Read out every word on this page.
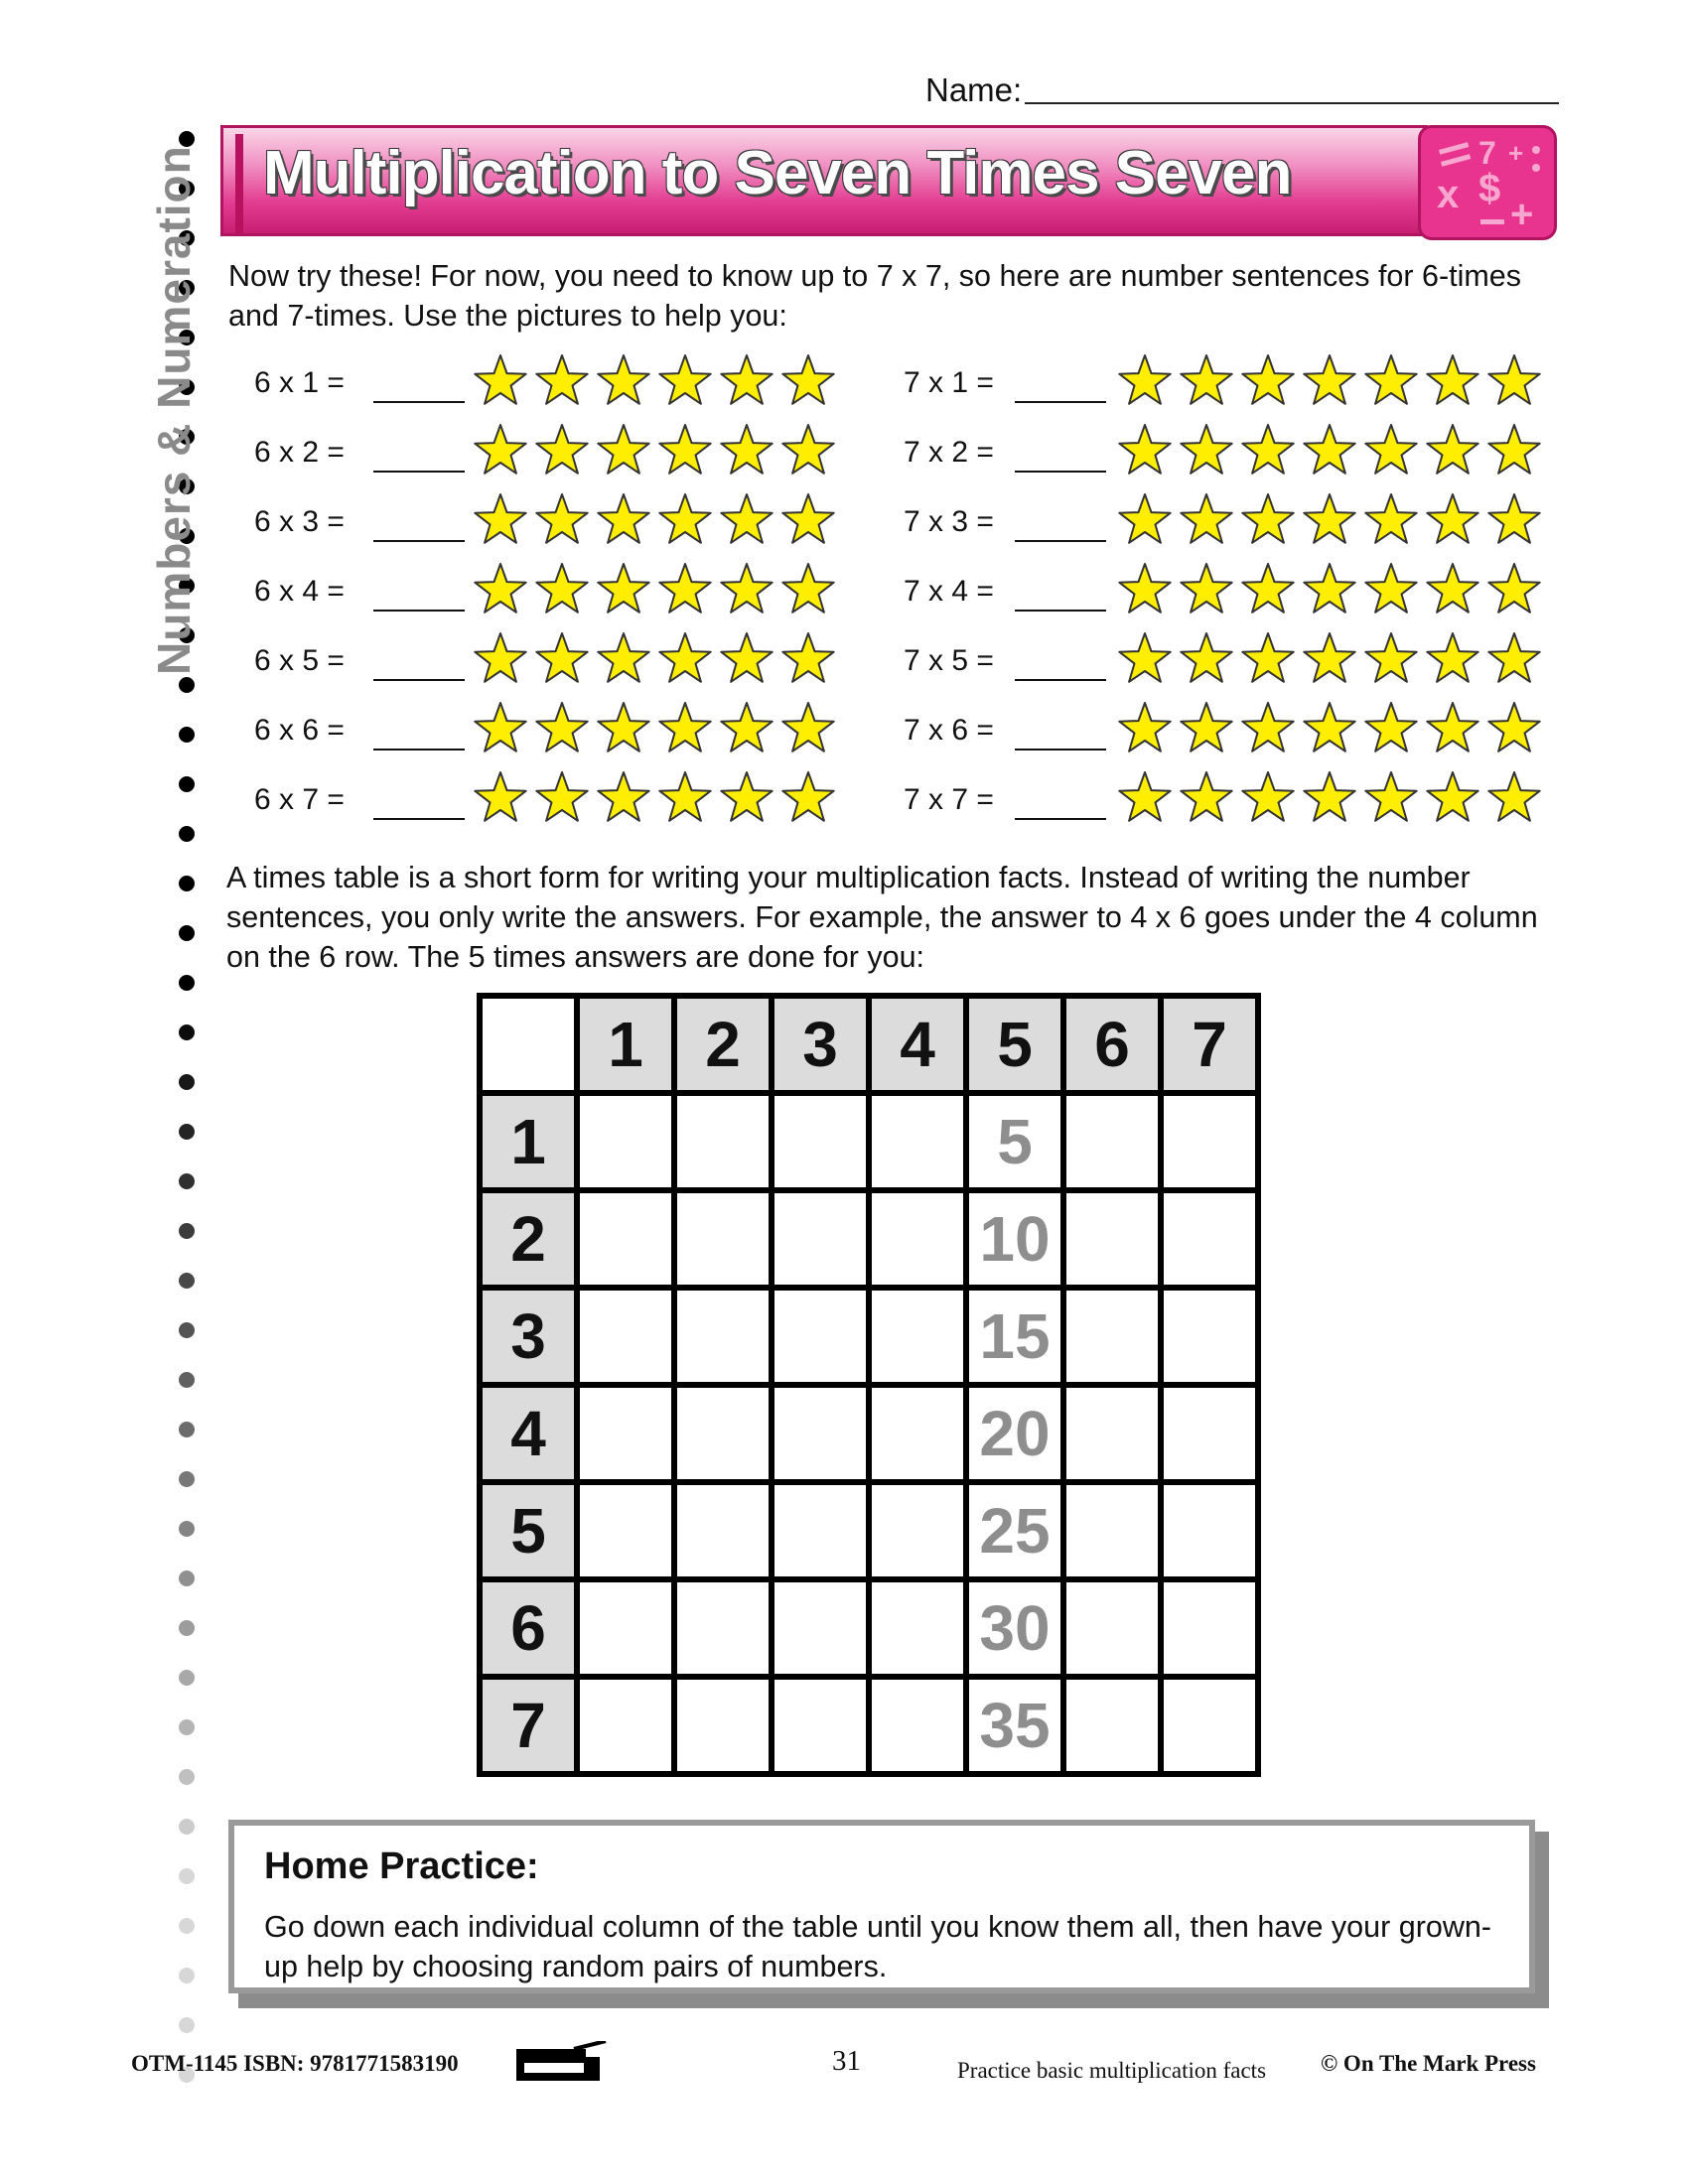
Name:
Numbers & Numeration Multiplication to Seven Times Seven	7 +
x $
+
Now try these! For now, you need to know up to 7 x 7, so here are number sentences for 6-times and 7-times. Use the pictures to help you:
6 x 1 =
6 x 2 =
6 x 3 =
6 x 4 =
6 x 5 =
6 x 6 =
6 x 7 =
7 x 1 =
7 x 2 =
7 x 3 =
7 x 4 =
7 x 5 =
7 x 6 =
7 x 7 =
A times table is a short form for writing your multiplication facts. Instead of writing the number sentences, you only write the answers. For example, the answer to 4 x 6 goes under the 4 column on the 6 row. The 5 times answers are done for you:
	1	2	3	4	5	6	7
1					5		
2					10		
3					15		
4					20		
5					25		
6					30		
7					35		
Home Practice:
Go down each individual column of the table until you know them all, then have your grown-up help by choosing random pairs of numbers.
OTM-1145 ISBN: 9781771583190	31	Practice basic multiplication facts	© On The Mark Press
